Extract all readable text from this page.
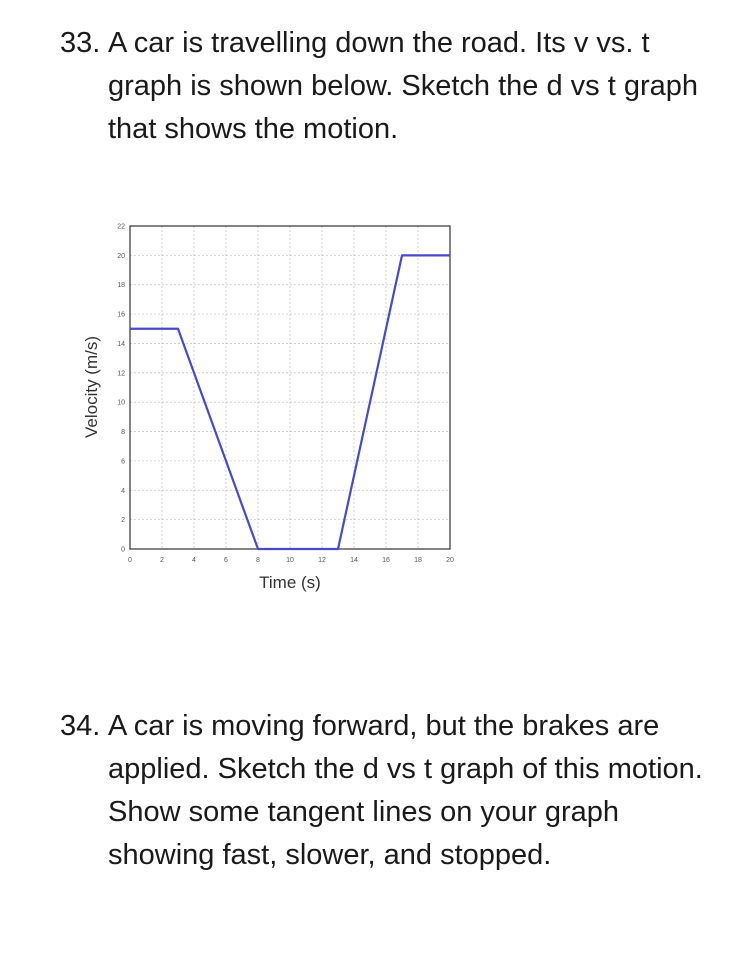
33. A car is travelling down the road. Its v vs. t graph is shown below. Sketch the d vs t graph that shows the motion.
0
2
4
6
8
10
12
14
16
18
20
22
0	2	4	6	8	10	12	14	16	18	20
Time (s)
Velocity (m/s)
34. A car is moving forward, but the brakes are applied. Sketch the d vs t graph of this motion. Show some tangent lines on your graph showing fast, slower, and stopped.
